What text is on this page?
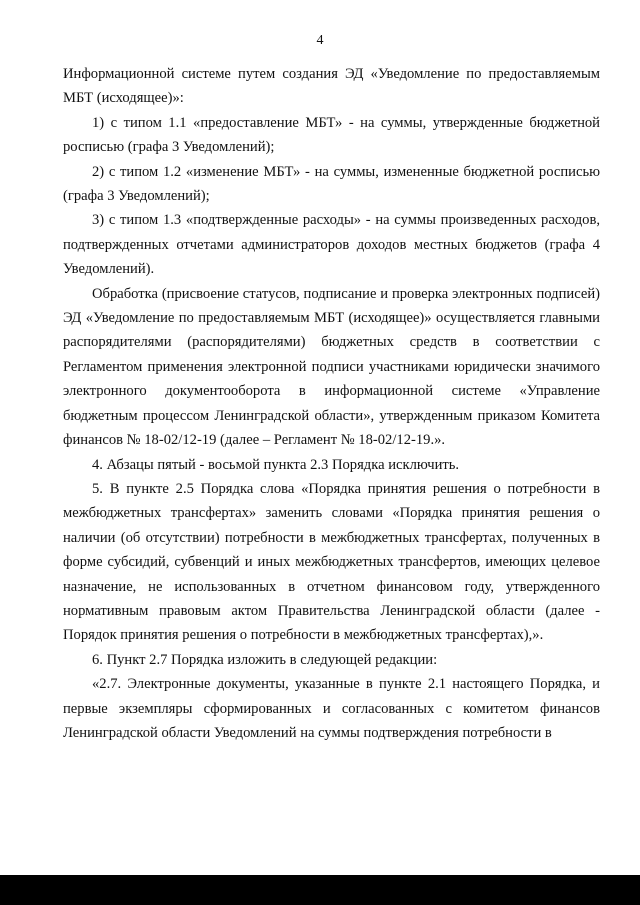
4

Информационной системе путем создания ЭД «Уведомление по предоставляемым МБТ (исходящее)»:

1) с типом 1.1 «предоставление МБТ» - на суммы, утвержденные бюджетной росписью (графа 3 Уведомлений);

2) с типом 1.2 «изменение МБТ» - на суммы, измененные бюджетной росписью (графа 3 Уведомлений);

3) с типом 1.3 «подтвержденные расходы» - на суммы произведенных расходов, подтвержденных отчетами администраторов доходов местных бюджетов (графа 4 Уведомлений).

Обработка (присвоение статусов, подписание и проверка электронных подписей) ЭД «Уведомление по предоставляемым МБТ (исходящее)» осуществляется главными распорядителями (распорядителями) бюджетных средств в соответствии с Регламентом применения электронной подписи участниками юридически значимого электронного документооборота в информационной системе «Управление бюджетным процессом Ленинградской области», утвержденным приказом Комитета финансов № 18-02/12-19 (далее – Регламент № 18-02/12-19.».

4. Абзацы пятый - восьмой пункта 2.3 Порядка исключить.

5. В пункте 2.5 Порядка слова «Порядка принятия решения о потребности в межбюджетных трансфертах» заменить словами «Порядка принятия решения о наличии (об отсутствии) потребности в межбюджетных трансфертах, полученных в форме субсидий, субвенций и иных межбюджетных трансфертов, имеющих целевое назначение, не использованных в отчетном финансовом году, утвержденного нормативным правовым актом Правительства Ленинградской области (далее - Порядок принятия решения о потребности в межбюджетных трансфертах),».

6. Пункт 2.7 Порядка изложить в следующей редакции:

«2.7. Электронные документы, указанные в пункте 2.1 настоящего Порядка, и первые экземпляры сформированных и согласованных с комитетом финансов Ленинградской области Уведомлений на суммы подтверждения потребности в
